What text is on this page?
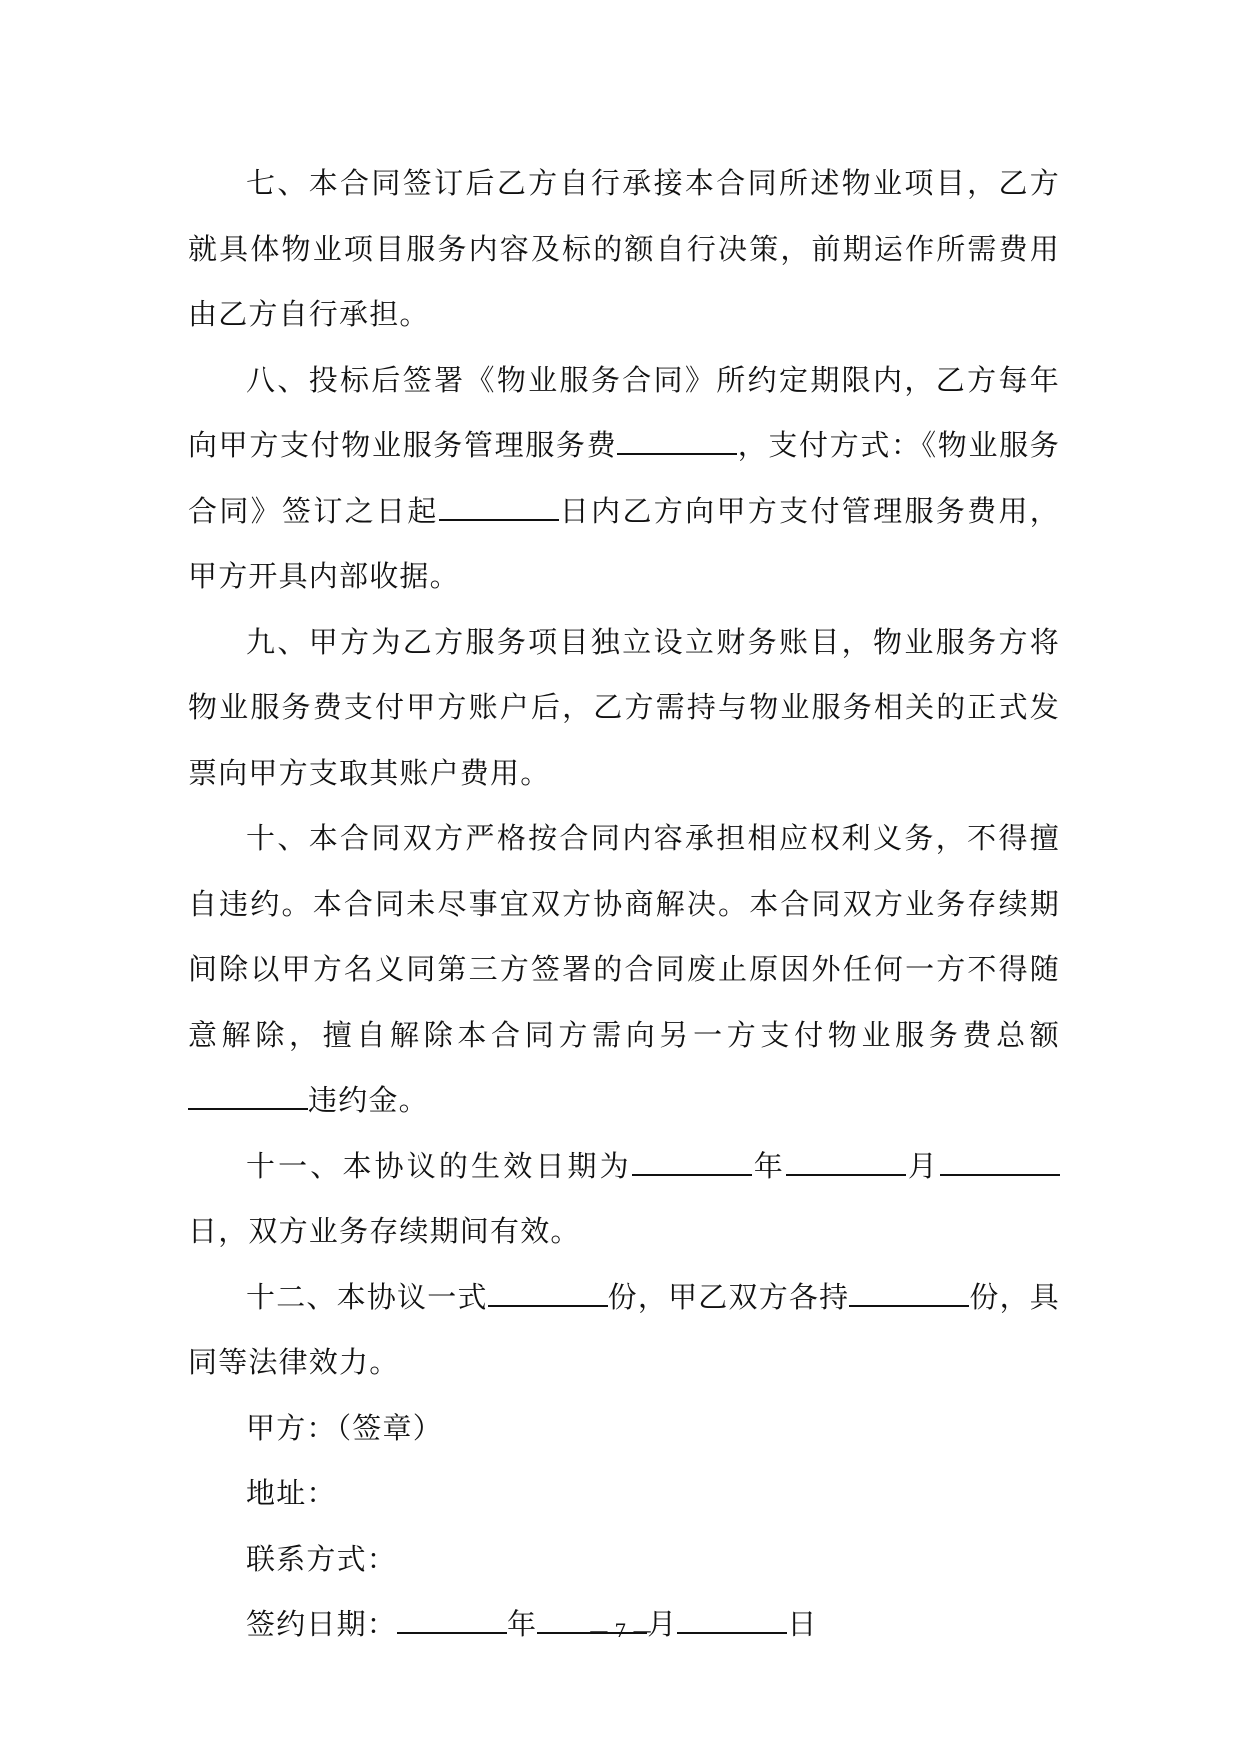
七、本合同签订后乙方自行承接本合同所述物业项目，乙方就具体物业项目服务内容及标的额自行决策，前期运作所需费用由乙方自行承担。

八、投标后签署《物业服务合同》所约定期限内，乙方每年向甲方支付物业服务管理服务费	，支付方式：《物业服务合同》签订之日起	日内乙方向甲方支付管理服务费用，甲方开具内部收据。

九、甲方为乙方服务项目独立设立财务账目，物业服务方将物业服务费支付甲方账户后，乙方需持与物业服务相关的正式发票向甲方支取其账户费用。

十、本合同双方严格按合同内容承担相应权利义务，不得擅自违约。本合同未尽事宜双方协商解决。本合同双方业务存续期间除以甲方名义同第三方签署的合同废止原因外任何一方不得随意解除，擅自解除本合同方需向另一方支付物业服务费总额违约金。

十一、本协议的生效日期为	年	月日，双方业务存续期间有效。

十二、本协议一式	份，甲乙双方各持	份，具同等法律效力。

甲方：（签章）

地址：

联系方式：

签约日期：	年	月	日

— 7 —
